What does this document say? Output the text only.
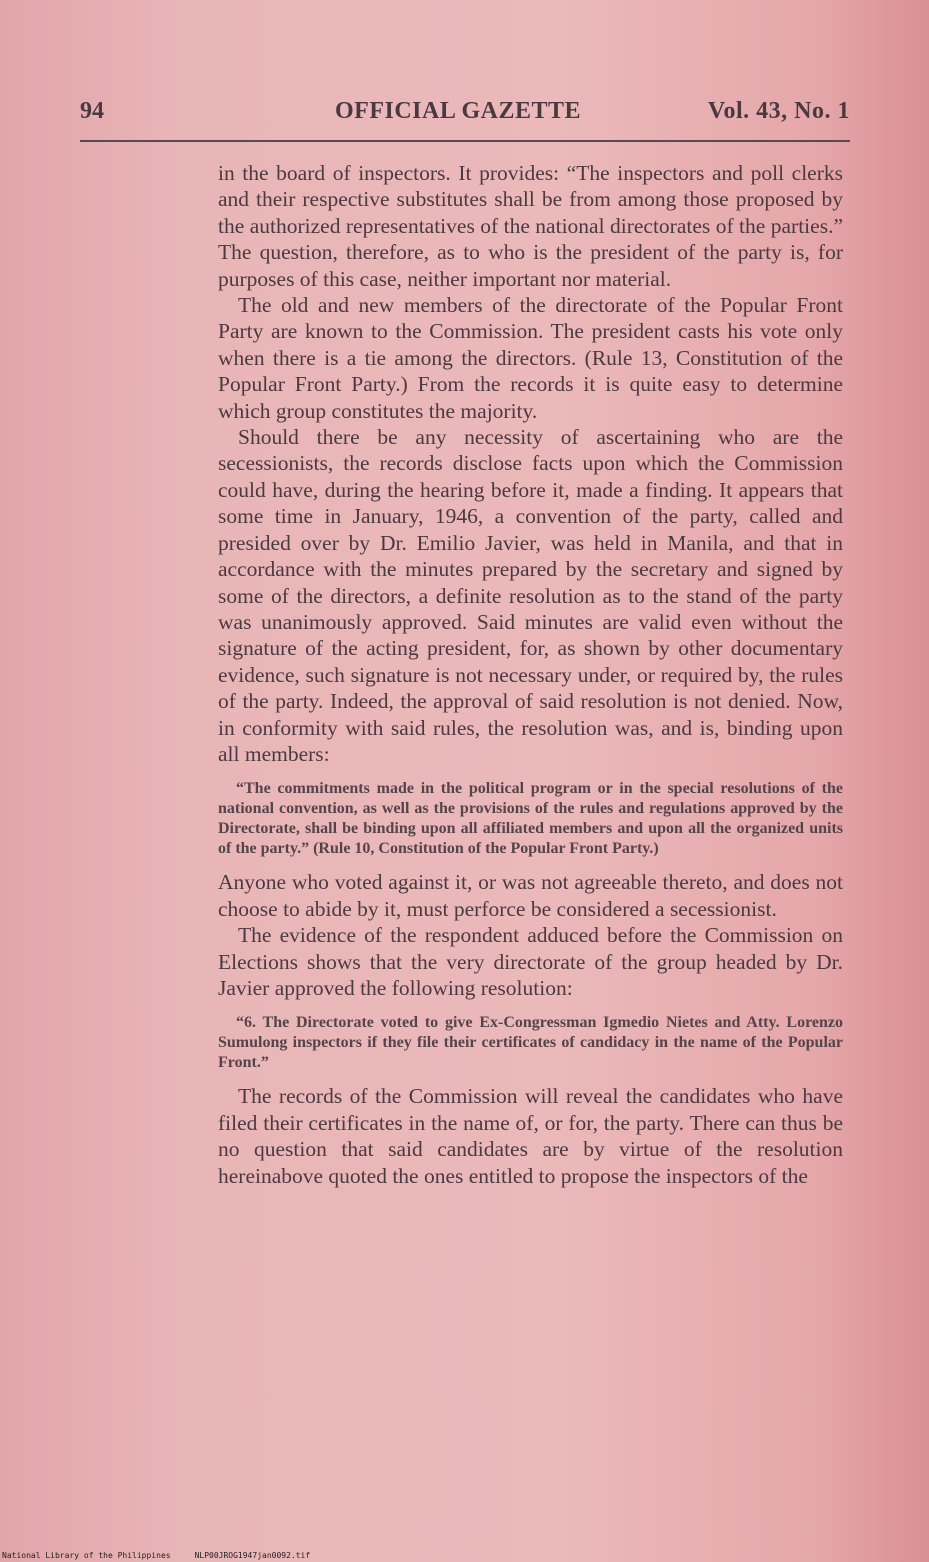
94	OFFICIAL GAZETTE	Vol. 43, No. 1

in the board of inspectors. It provides: “The inspectors and poll clerks and their respective substitutes shall be from among those proposed by the authorized representatives of the national directorates of the parties.” The question, therefore, as to who is the president of the party is, for purposes of this case, neither important nor material.

The old and new members of the directorate of the Popular Front Party are known to the Commission. The president casts his vote only when there is a tie among the directors. (Rule 13, Constitution of the Popular Front Party.) From the records it is quite easy to determine which group constitutes the majority.

Should there be any necessity of ascertaining who are the secessionists, the records disclose facts upon which the Commission could have, during the hearing before it, made a finding. It appears that some time in January, 1946, a convention of the party, called and presided over by Dr. Emilio Javier, was held in Manila, and that in accordance with the minutes prepared by the secretary and signed by some of the directors, a definite resolution as to the stand of the party was unanimously approved. Said minutes are valid even without the signature of the acting president, for, as shown by other documentary evidence, such signature is not necessary under, or required by, the rules of the party. Indeed, the approval of said resolution is not denied. Now, in conformity with said rules, the resolution was, and is, binding upon all members:

“The commitments made in the political program or in the special resolutions of the national convention, as well as the provisions of the rules and regulations approved by the Directorate, shall be binding upon all affiliated members and upon all the organized units of the party.” (Rule 10, Constitution of the Popular Front Party.)

Anyone who voted against it, or was not agreeable thereto, and does not choose to abide by it, must perforce be considered a secessionist.

The evidence of the respondent adduced before the Commission on Elections shows that the very directorate of the group headed by Dr. Javier approved the following resolution:

“6. The Directorate voted to give Ex-Congressman Igmedio Nietes and Atty. Lorenzo Sumulong inspectors if they file their certificates of candidacy in the name of the Popular Front.”

The records of the Commission will reveal the candidates who have filed their certificates in the name of, or for, the party. There can thus be no question that said candidates are by virtue of the resolution hereinabove quoted the ones entitled to propose the inspectors of the

National Library of the Philippines	NLP00JROG1947jan0092.tif
